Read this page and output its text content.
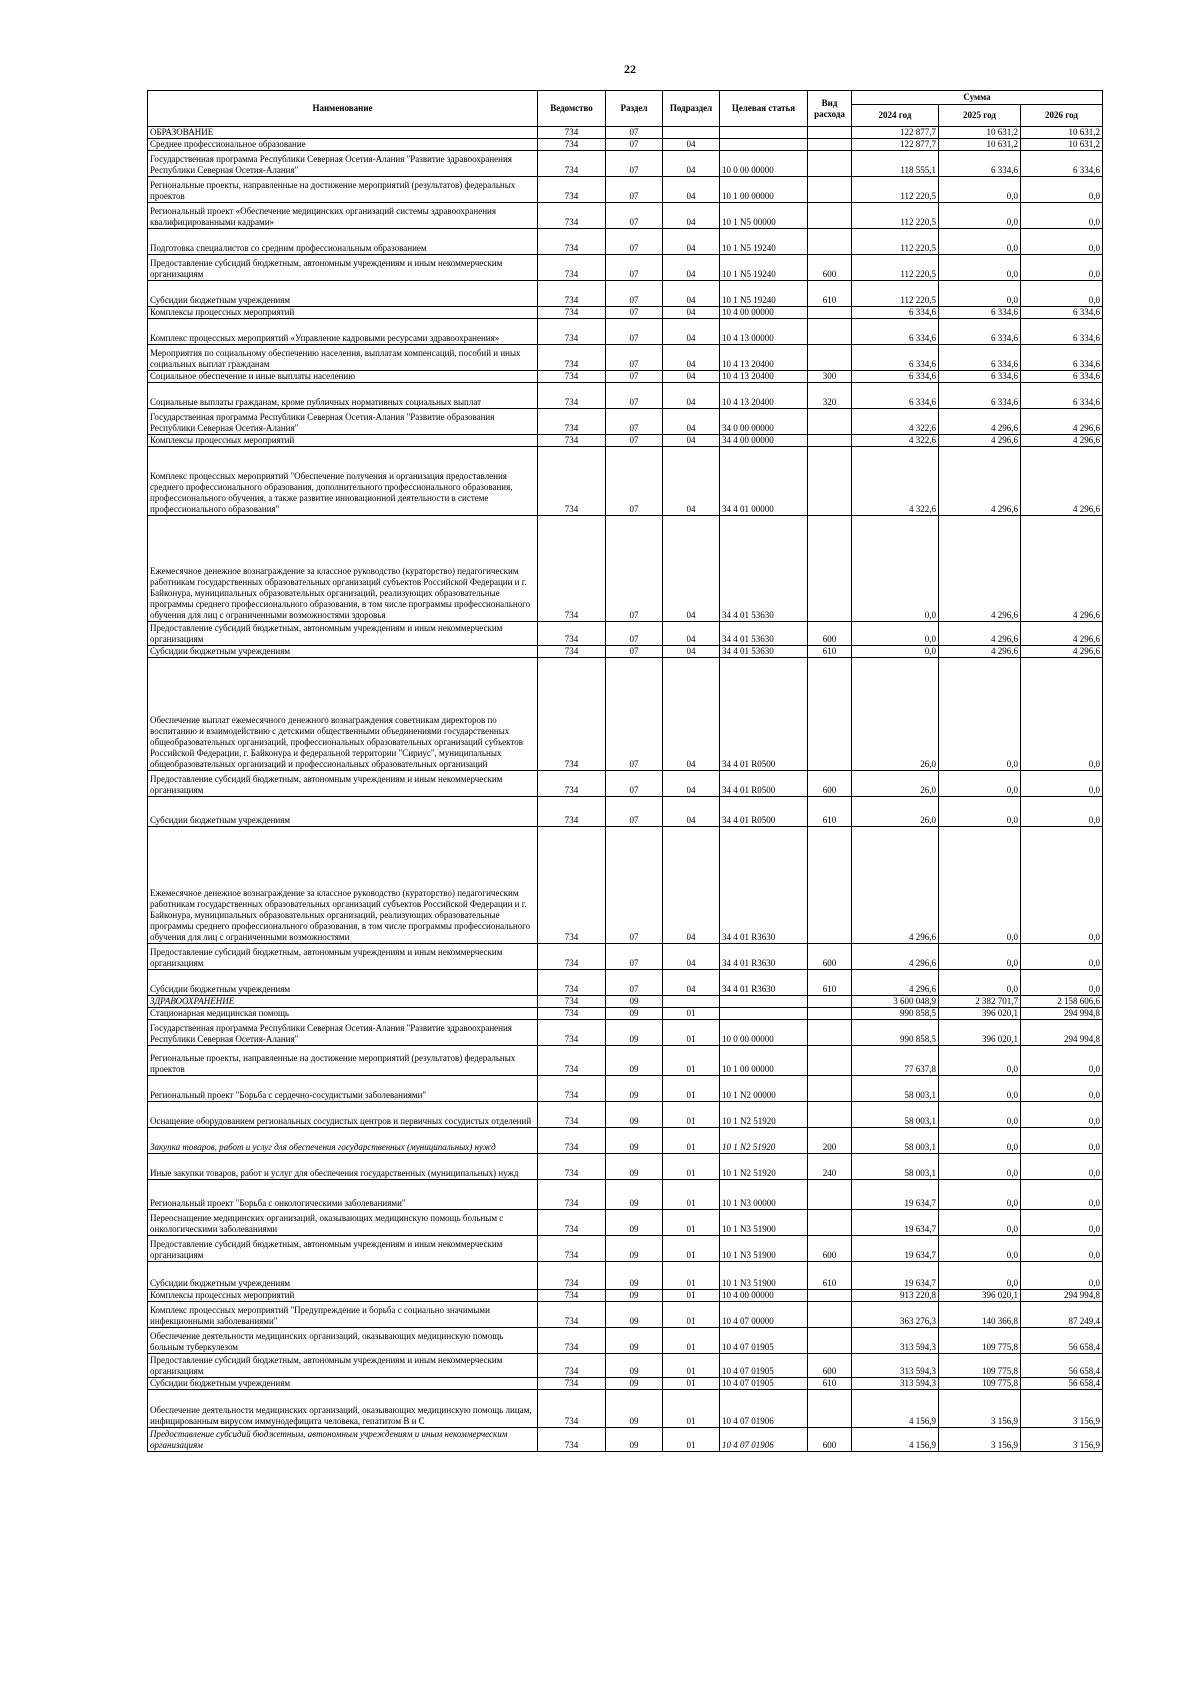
22
Наименование	Ведомство	Раздел	Подраздел	Целевая статья	Вид расхода	Сумма		
						2024 год	2025 год	2026 год
ОБРАЗОВАНИЕ	734	07				122 877,7	10 631,2	10 631,2
Среднее профессиональное образование	734	07	04			122 877,7	10 631,2	10 631,2
Государственная программа Республики Северная Осетия-Алания "Развитие здравоохранения Республики Северная Осетия-Алания"	734	07	04	10 0 00 00000		118 555,1	6 334,6	6 334,6
Региональные проекты, направленные на достижение мероприятий (результатов) федеральных проектов	734	07	04	10 1 00 00000		112 220,5	0,0	0,0
Региональный проект «Обеспечение медицинских организаций системы здравоохранения квалифицированными кадрами»	734	07	04	10 1 N5 00000		112 220,5	0,0	0,0
Подготовка специалистов со средним профессиональным образованием	734	07	04	10 1 N5 19240		112 220,5	0,0	0,0
Предоставление субсидий бюджетным, автономным учреждениям и иным некоммерческим организациям	734	07	04	10 1 N5 19240	600	112 220,5	0,0	0,0
Субсидии бюджетным учреждениям	734	07	04	10 1 N5 19240	610	112 220,5	0,0	0,0
Комплексы процессных мероприятий	734	07	04	10 4 00 00000		6 334,6	6 334,6	6 334,6
Комплекс процессных мероприятий «Управление кадровыми ресурсами здравоохранения»	734	07	04	10 4 13 00000		6 334,6	6 334,6	6 334,6
Мероприятия по социальному обеспечению населения, выплатам компенсаций, пособий и иных социальных выплат гражданам	734	07	04	10 4 13 20400		6 334,6	6 334,6	6 334,6
Социальное обеспечение и иные выплаты населению	734	07	04	10 4 13 20400	300	6 334,6	6 334,6	6 334,6
Социальные выплаты гражданам, кроме публичных нормативных социальных выплат	734	07	04	10 4 13 20400	320	6 334,6	6 334,6	6 334,6
Государственная программа Республики Северная Осетия-Алания "Развитие образования Республики Северная Осетия-Алания"	734	07	04	34 0 00 00000		4 322,6	4 296,6	4 296,6
Комплексы процессных мероприятий	734	07	04	34 4 00 00000		4 322,6	4 296,6	4 296,6
Комплекс процессных мероприятий "Обеспечение получения и организация предоставления среднего профессионального образования, дополнительного профессионального образования, профессионального обучения, а также развитие инновационной деятельности в системе профессионального образования"	734	07	04	34 4 01 00000		4 322,6	4 296,6	4 296,6
Ежемесячное денежное вознаграждение за классное руководство (кураторство) педагогическим работникам государственных образовательных организаций субъектов Российской Федерации и г. Байконура, муниципальных образовательных организаций, реализующих образовательные программы среднего профессионального образования, в том числе программы профессионального обучения для лиц с ограниченными возможностями здоровья	734	07	04	34 4 01 53630		0,0	4 296,6	4 296,6
Предоставление субсидий бюджетным, автономным учреждениям и иным некоммерческим организациям	734	07	04	34 4 01 53630	600	0,0	4 296,6	4 296,6
Субсидии бюджетным учреждениям	734	07	04	34 4 01 53630	610	0,0	4 296,6	4 296,6
Обеспечение выплат ежемесячного денежного вознаграждения советникам директоров по воспитанию и взаимодействию с детскими общественными объединениями государственных общеобразовательных организаций, профессиональных образовательных организаций субъектов Российской Федерации, г. Байконура и федеральной территории "Сириус", муниципальных общеобразовательных организаций и профессиональных образовательных организаций	734	07	04	34 4 01 R0500		26,0	0,0	0,0
Предоставление субсидий бюджетным, автономным учреждениям и иным некоммерческим организациям	734	07	04	34 4 01 R0500	600	26,0	0,0	0,0
Субсидии бюджетным учреждениям	734	07	04	34 4 01 R0500	610	26,0	0,0	0,0
Ежемесячное денежное вознаграждение за классное руководство (кураторство) педагогическим работникам государственных образовательных организаций субъектов Российской Федерации и г. Байконура, муниципальных образовательных организаций, реализующих образовательные программы среднего профессионального образования, в том числе программы профессионального обучения для лиц с ограниченными возможностями	734	07	04	34 4 01 R3630		4 296,6	0,0	0,0
Предоставление субсидий бюджетным, автономным учреждениям и иным некоммерческим организациям	734	07	04	34 4 01 R3630	600	4 296,6	0,0	0,0
Субсидии бюджетным учреждениям	734	07	04	34 4 01 R3630	610	4 296,6	0,0	0,0
ЗДРАВООХРАНЕНИЕ	734	09				3 600 048,9	2 382 701,7	2 158 606,6
Стационарная медицинская помощь	734	09	01			990 858,5	396 020,1	294 994,8
Государственная программа Республики Северная Осетия-Алания "Развитие здравоохранения Республики Северная Осетия-Алания"	734	09	01	10 0 00 00000		990 858,5	396 020,1	294 994,8
Региональные проекты, направленные на достижение мероприятий (результатов) федеральных проектов	734	09	01	10 1 00 00000		77 637,8	0,0	0,0
Региональный проект "Борьба с сердечно-сосудистыми заболеваниями"	734	09	01	10 1 N2 00000		58 003,1	0,0	0,0
Оснащение оборудованием региональных сосудистых центров и первичных сосудистых отделений	734	09	01	10 1 N2 51920		58 003,1	0,0	0,0
Закупка товаров, работ и услуг для обеспечения государственных (муниципальных) нужд	734	09	01	10 1 N2 51920	200	58 003,1	0,0	0,0
Иные закупки товаров, работ и услуг для обеспечения государственных (муниципальных) нужд	734	09	01	10 1 N2 51920	240	58 003,1	0,0	0,0
Региональный проект "Борьба с онкологическими заболеваниями"	734	09	01	10 1 N3 00000		19 634,7	0,0	0,0
Переоснащение медицинских организаций, оказывающих медицинскую помощь больным с онкологическими заболеваниями	734	09	01	10 1 N3 51900		19 634,7	0,0	0,0
Предоставление субсидий бюджетным, автономным учреждениям и иным некоммерческим организациям	734	09	01	10 1 N3 51900	600	19 634,7	0,0	0,0
Субсидии бюджетным учреждениям	734	09	01	10 1 N3 51900	610	19 634,7	0,0	0,0
Комплексы процессных мероприятий	734	09	01	10 4 00 00000		913 220,8	396 020,1	294 994,8
Комплекс процессных мероприятий "Предупреждение и борьба с социально значимыми инфекционными заболеваниями"	734	09	01	10 4 07 00000		363 276,3	140 366,8	87 249,4
Обеспечение деятельности медицинских организаций, оказывающих медицинскую помощь больным туберкулезом	734	09	01	10 4 07 01905		313 594,3	109 775,8	56 658,4
Предоставление субсидий бюджетным, автономным учреждениям и иным некоммерческим организациям	734	09	01	10 4 07 01905	600	313 594,3	109 775,8	56 658,4
Субсидии бюджетным учреждениям	734	09	01	10 4 07 01905	610	313 594,3	109 775,8	56 658,4
Обеспечение деятельности медицинских организаций, оказывающих медицинскую помощь лицам, инфицированным вирусом иммунодефицита человека, гепатитом B и C	734	09	01	10 4 07 01906		4 156,9	3 156,9	3 156,9
Предоставление субсидий бюджетным, автономным учреждениям и иным некоммерческим организациям	734	09	01	10 4 07 01906	600	4 156,9	3 156,9	3 156,9
